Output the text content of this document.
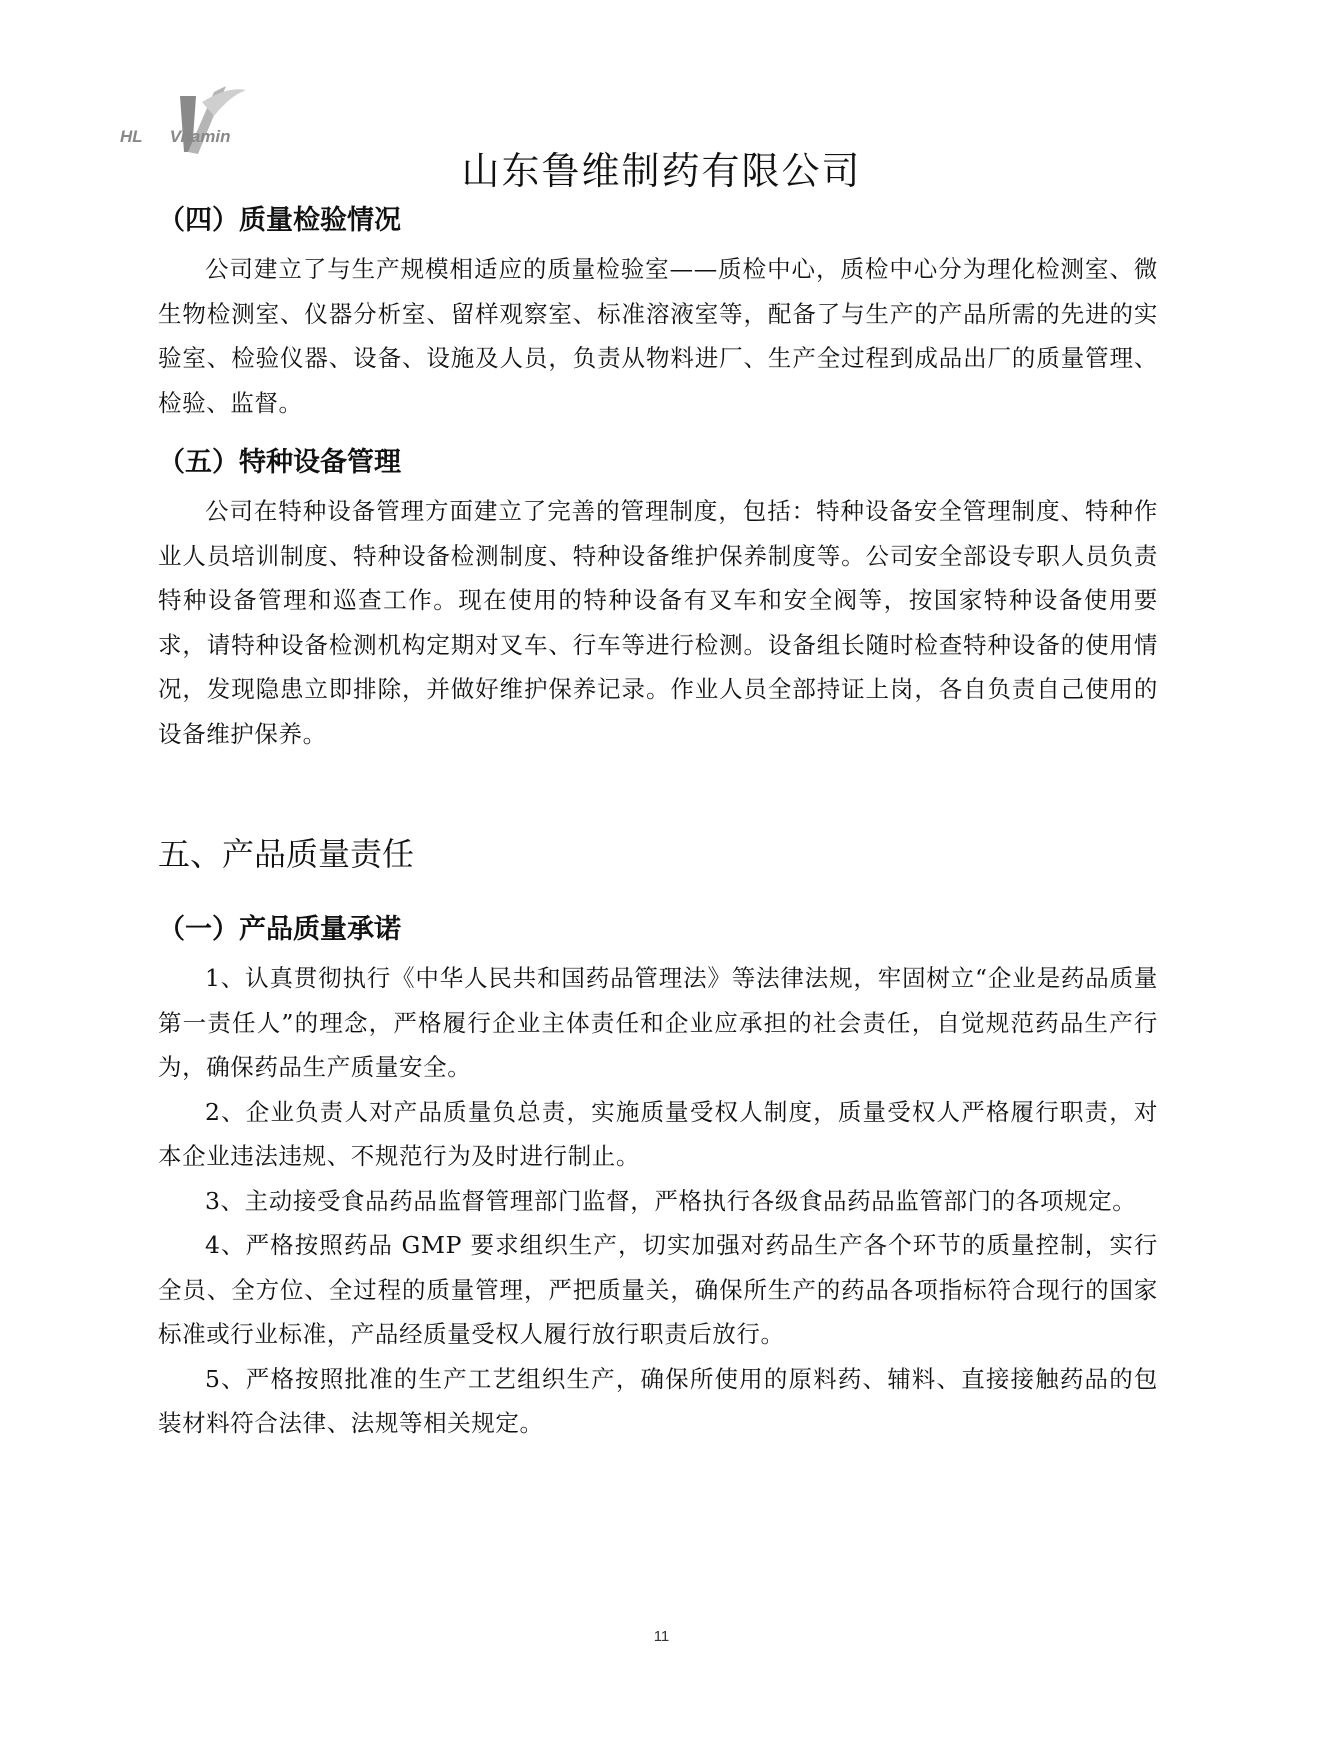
HL Vitamin
山东鲁维制药有限公司
（四）质量检验情况

公司建立了与生产规模相适应的质量检验室——质检中心，质检中心分为理化检测室、微生物检测室、仪器分析室、留样观察室、标准溶液室等，配备了与生产的产品所需的先进的实验室、检验仪器、设备、设施及人员，负责从物料进厂、生产全过程到成品出厂的质量管理、检验、监督。

（五）特种设备管理

公司在特种设备管理方面建立了完善的管理制度，包括：特种设备安全管理制度、特种作业人员培训制度、特种设备检测制度、特种设备维护保养制度等。公司安全部设专职人员负责特种设备管理和巡查工作。现在使用的特种设备有叉车和安全阀等，按国家特种设备使用要求，请特种设备检测机构定期对叉车、行车等进行检测。设备组长随时检查特种设备的使用情况，发现隐患立即排除，并做好维护保养记录。作业人员全部持证上岗，各自负责自己使用的设备维护保养。

五、产品质量责任
（一）产品质量承诺

1、认真贯彻执行《中华人民共和国药品管理法》等法律法规，牢固树立“企业是药品质量第一责任人”的理念，严格履行企业主体责任和企业应承担的社会责任，自觉规范药品生产行为，确保药品生产质量安全。

2、企业负责人对产品质量负总责，实施质量受权人制度，质量受权人严格履行职责，对本企业违法违规、不规范行为及时进行制止。

3、主动接受食品药品监督管理部门监督，严格执行各级食品药品监管部门的各项规定。

4、严格按照药品 GMP 要求组织生产，切实加强对药品生产各个环节的质量控制，实行全员、全方位、全过程的质量管理，严把质量关，确保所生产的药品各项指标符合现行的国家标准或行业标准，产品经质量受权人履行放行职责后放行。

5、严格按照批准的生产工艺组织生产，确保所使用的原料药、辅料、直接接触药品的包装材料符合法律、法规等相关规定。

11
